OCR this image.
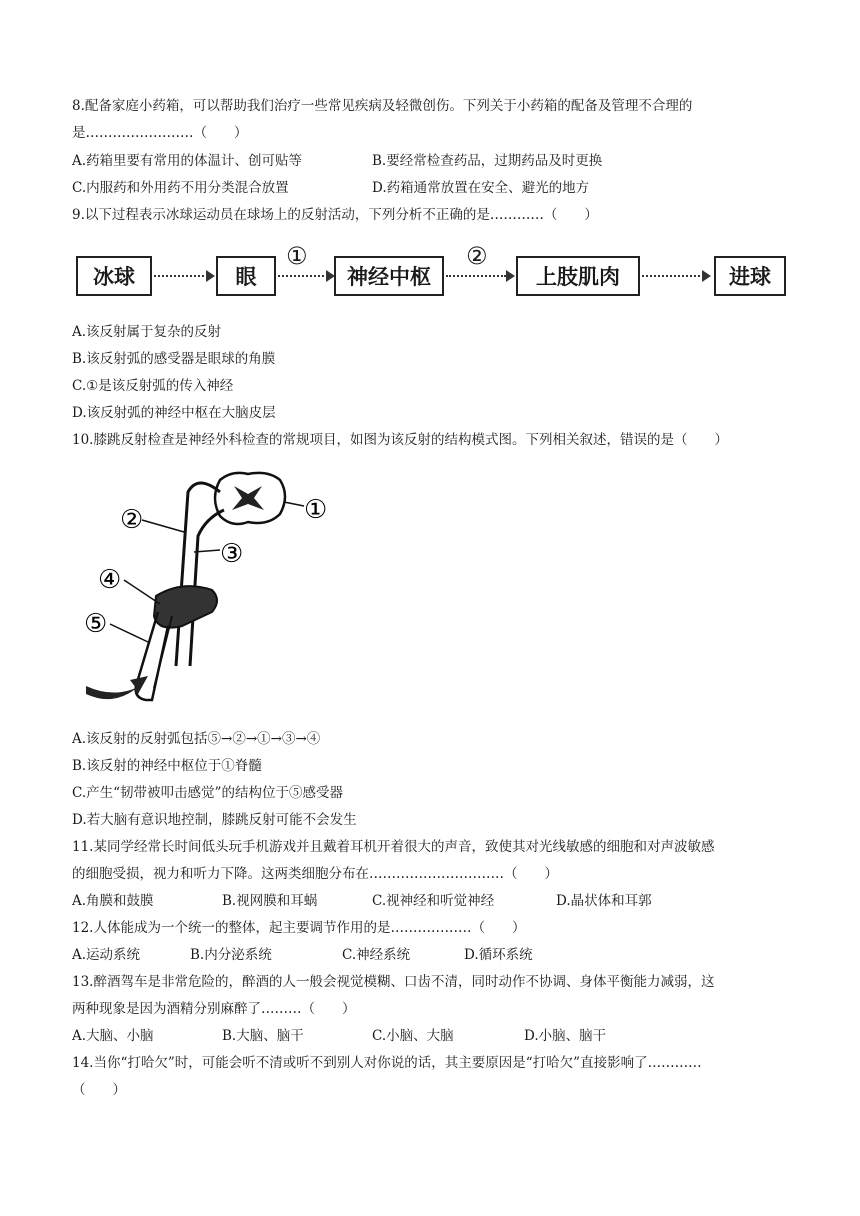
8.配备家庭小药箱，可以帮助我们治疗一些常见疾病及轻微创伤。下列关于小药箱的配备及管理不合理的
是……………………（　　）
A.药箱里要有常用的体温计、创可贴等	B.要经常检查药品，过期药品及时更换
C.内服药和外用药不用分类混合放置	D.药箱通常放置在安全、避光的地方
9.以下过程表示冰球运动员在球场上的反射活动，下列分析不正确的是…………（　　）
冰球	眼
①
神经中枢
②
上肢肌肉	进球
A.该反射属于复杂的反射
B.该反射弧的感受器是眼球的角膜
C.①是该反射弧的传入神经
D.该反射弧的神经中枢在大脑皮层
10.膝跳反射检查是神经外科检查的常规项目，如图为该反射的结构模式图。下列相关叙述，错误的是（　　）
①
②
③
④
⑤
A.该反射的反射弧包括⑤→②→①→③→④
B.该反射的神经中枢位于①脊髓
C.产生“韧带被叩击感觉”的结构位于⑤感受器
D.若大脑有意识地控制，膝跳反射可能不会发生
11.某同学经常长时间低头玩手机游戏并且戴着耳机开着很大的声音，致使其对光线敏感的细胞和对声波敏感
的细胞受损，视力和听力下降。这两类细胞分布在…………………………（　　）
A.角膜和鼓膜	B.视网膜和耳蜗	C.视神经和听觉神经	D.晶状体和耳郭
12.人体能成为一个统一的整体，起主要调节作用的是………………（　　）
A.运动系统	B.内分泌系统	C.神经系统	D.循环系统
13.醉酒驾车是非常危险的，醉酒的人一般会视觉模糊、口齿不清，同时动作不协调、身体平衡能力减弱，这
两种现象是因为酒精分别麻醉了………（　　）
A.大脑、小脑	B.大脑、脑干	C.小脑、大脑	D.小脑、脑干
14.当你“打哈欠”时，可能会听不清或听不到别人对你说的话，其主要原因是“打哈欠”直接影响了…………
（　　）
